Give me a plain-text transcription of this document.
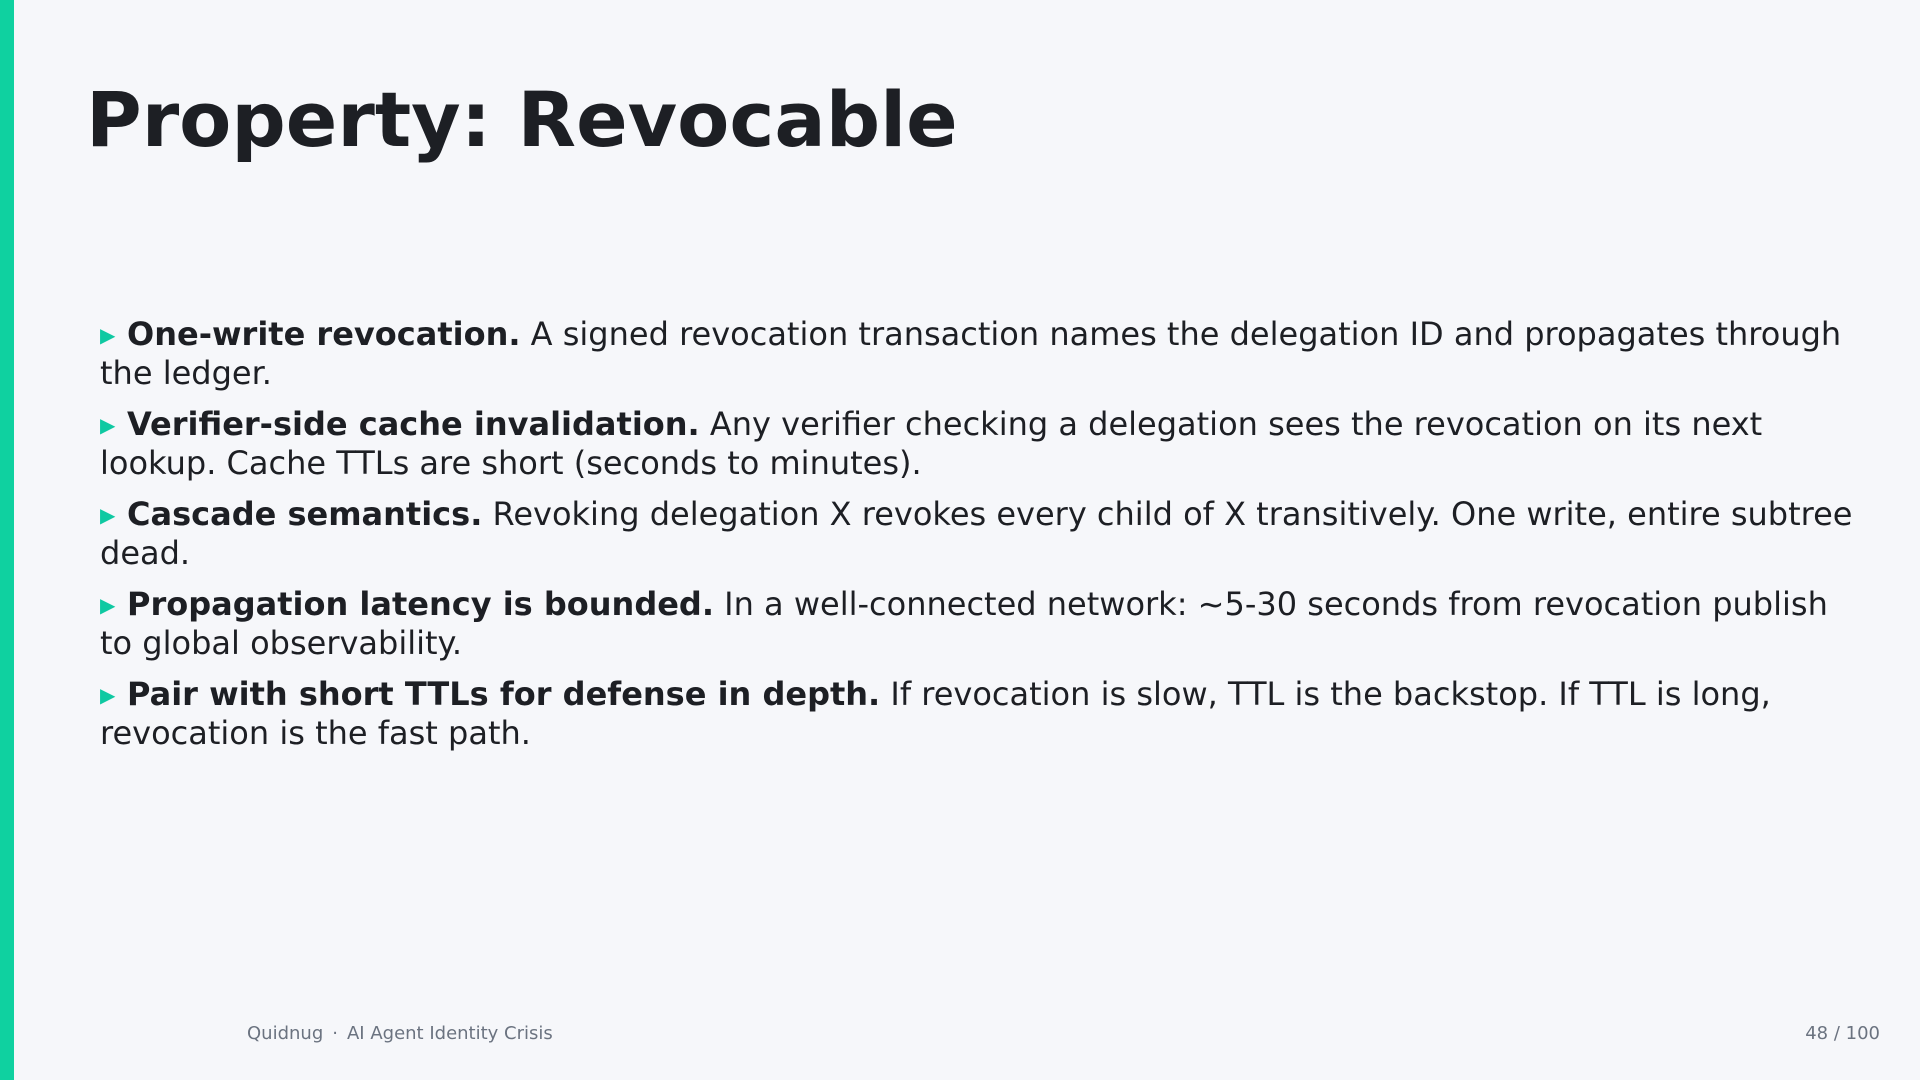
Property: Revocable
▶ One-write revocation. A signed revocation transaction names the delegation ID and propagates through the ledger.
▶ Verifier-side cache invalidation. Any verifier checking a delegation sees the revocation on its next lookup. Cache TTLs are short (seconds to minutes).
▶ Cascade semantics. Revoking delegation X revokes every child of X transitively. One write, entire subtree dead.
▶ Propagation latency is bounded. In a well-connected network: ~5-30 seconds from revocation publish to global observability.
▶ Pair with short TTLs for defense in depth. If revocation is slow, TTL is the backstop. If TTL is long, revocation is the fast path.
Quidnug · AI Agent Identity Crisis	48 / 100
